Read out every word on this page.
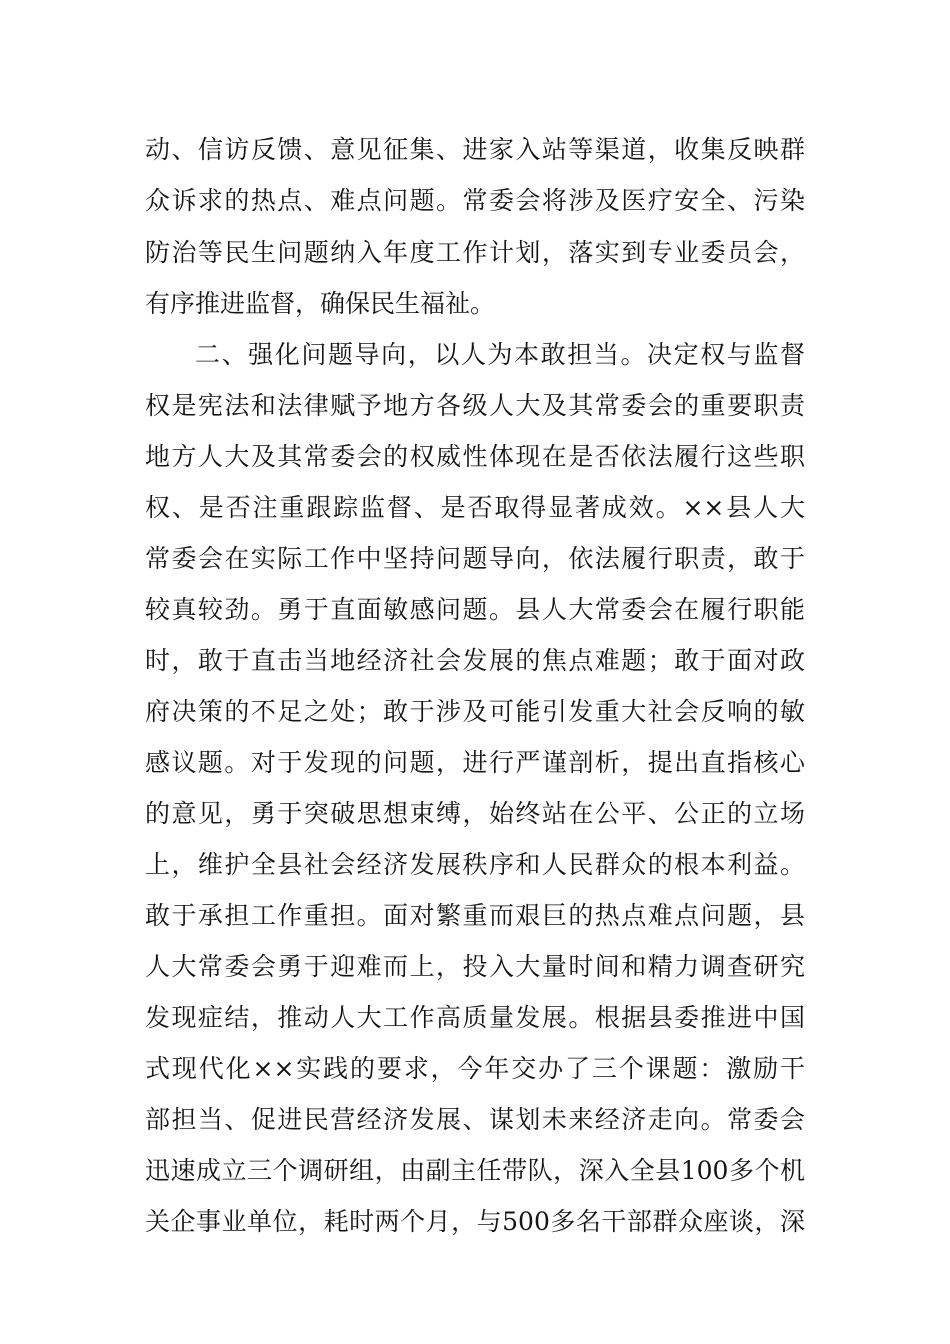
动、信访反馈、意见征集、进家入站等渠道，收集反映群
众诉求的热点、难点问题。常委会将涉及医疗安全、污染
防治等民生问题纳入年度工作计划，落实到专业委员会，
有序推进监督，确保民生福祉。
二、强化问题导向，以人为本敢担当。决定权与监督
权是宪法和法律赋予地方各级人大及其常委会的重要职责
地方人大及其常委会的权威性体现在是否依法履行这些职
权、是否注重跟踪监督、是否取得显著成效。××县人大
常委会在实际工作中坚持问题导向，依法履行职责，敢于
较真较劲。勇于直面敏感问题。县人大常委会在履行职能
时，敢于直击当地经济社会发展的焦点难题；敢于面对政
府决策的不足之处；敢于涉及可能引发重大社会反响的敏
感议题。对于发现的问题，进行严谨剖析，提出直指核心
的意见，勇于突破思想束缚，始终站在公平、公正的立场
上，维护全县社会经济发展秩序和人民群众的根本利益。
敢于承担工作重担。面对繁重而艰巨的热点难点问题，县
人大常委会勇于迎难而上，投入大量时间和精力调查研究
发现症结，推动人大工作高质量发展。根据县委推进中国
式现代化××实践的要求，今年交办了三个课题：激励干
部担当、促进民营经济发展、谋划未来经济走向。常委会
迅速成立三个调研组，由副主任带队，深入全县100多个机
关企事业单位，耗时两个月，与500多名干部群众座谈，深
